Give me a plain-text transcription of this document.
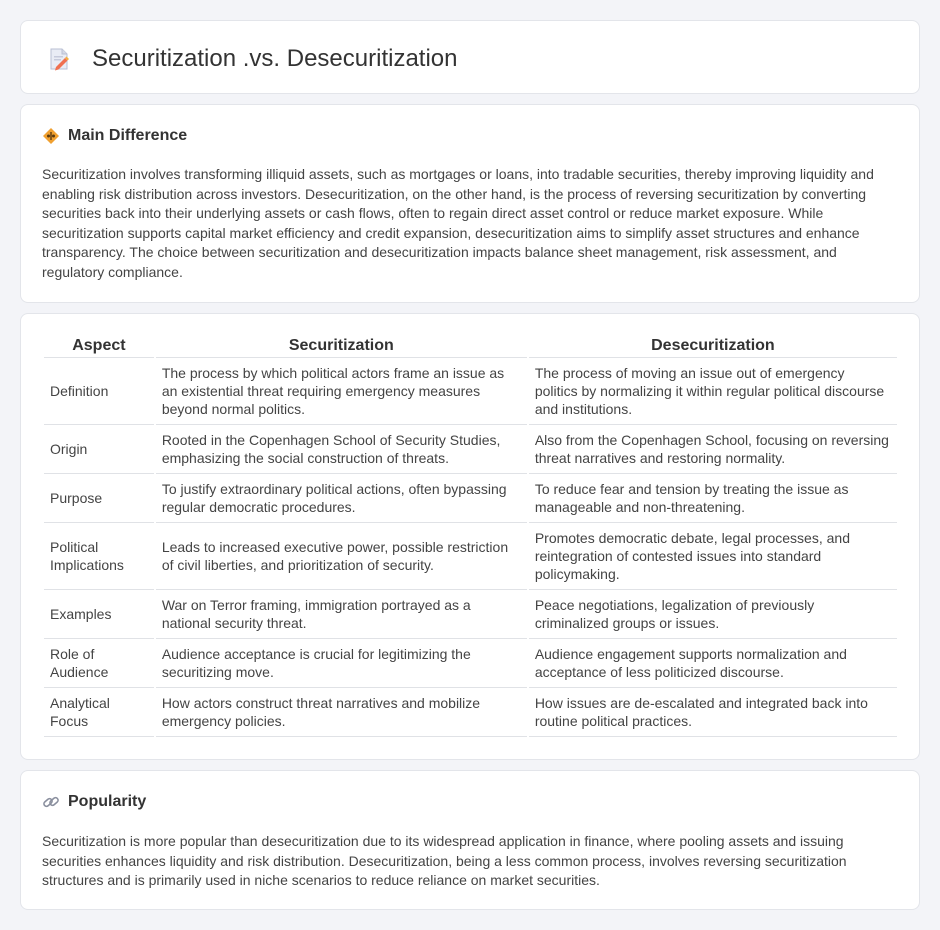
Securitization .vs. Desecuritization
Main Difference

Securitization involves transforming illiquid assets, such as mortgages or loans, into tradable securities, thereby improving liquidity and enabling risk distribution across investors. Desecuritization, on the other hand, is the process of reversing securitization by converting securities back into their underlying assets or cash flows, often to regain direct asset control or reduce market exposure. While securitization supports capital market efficiency and credit expansion, desecuritization aims to simplify asset structures and enhance transparency. The choice between securitization and desecuritization impacts balance sheet management, risk assessment, and regulatory compliance.

Aspect	Securitization	Desecuritization
Definition	The process by which political actors frame an issue as an existential threat requiring emergency measures beyond normal politics.	The process of moving an issue out of emergency politics by normalizing it within regular political discourse and institutions.
Origin	Rooted in the Copenhagen School of Security Studies, emphasizing the social construction of threats.	Also from the Copenhagen School, focusing on reversing threat narratives and restoring normality.
Purpose	To justify extraordinary political actions, often bypassing regular democratic procedures.	To reduce fear and tension by treating the issue as manageable and non-threatening.
Political Implications	Leads to increased executive power, possible restriction of civil liberties, and prioritization of security.	Promotes democratic debate, legal processes, and reintegration of contested issues into standard policymaking.
Examples	War on Terror framing, immigration portrayed as a national security threat.	Peace negotiations, legalization of previously criminalized groups or issues.
Role of Audience	Audience acceptance is crucial for legitimizing the securitizing move.	Audience engagement supports normalization and acceptance of less politicized discourse.
Analytical Focus	How actors construct threat narratives and mobilize emergency policies.	How issues are de-escalated and integrated back into routine political practices.
Popularity

Securitization is more popular than desecuritization due to its widespread application in finance, where pooling assets and issuing securities enhances liquidity and risk distribution. Desecuritization, being a less common process, involves reversing securitization structures and is primarily used in niche scenarios to reduce reliance on market securities.
